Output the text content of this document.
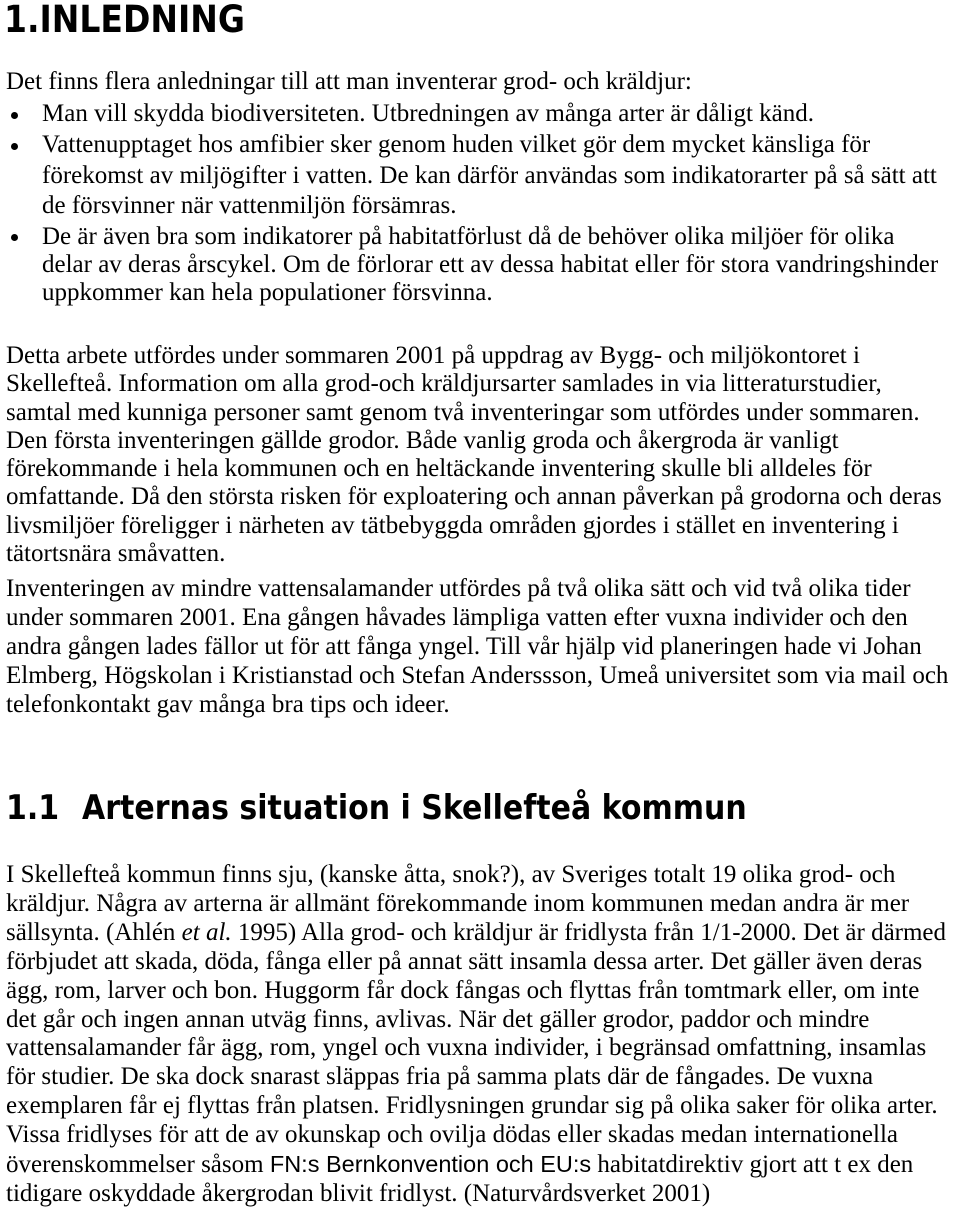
1.INLEDNING
Det finns flera anledningar till att man inventerar grod- och kräldjur:
Man vill skydda biodiversiteten. Utbredningen av många arter är dåligt känd.
Vattenupptaget hos amfibier sker genom huden vilket gör dem mycket känsliga för
förekomst av miljögifter i vatten. De kan därför användas som indikatorarter på så sätt att
de försvinner när vattenmiljön försämras.
De är även bra som indikatorer på habitatförlust då de behöver olika miljöer för olika
delar av deras årscykel. Om de förlorar ett av dessa habitat eller för stora vandringshinder
uppkommer kan hela populationer försvinna.
Detta arbete utfördes under sommaren 2001 på uppdrag av Bygg- och miljökontoret i
Skellefteå. Information om alla grod-och kräldjursarter samlades in via litteraturstudier,
samtal med kunniga personer samt genom två inventeringar som utfördes under sommaren.
Den första inventeringen gällde grodor. Både vanlig groda och åkergroda är vanligt
förekommande i hela kommunen och en heltäckande inventering skulle bli alldeles för
omfattande. Då den största risken för exploatering och annan påverkan på grodorna och deras
livsmiljöer föreligger i närheten av tätbebyggda områden gjordes i stället en inventering i
tätortsnära småvatten.
Inventeringen av mindre vattensalamander utfördes på två olika sätt och vid två olika tider
under sommaren 2001. Ena gången håvades lämpliga vatten efter vuxna individer och den
andra gången lades fällor ut för att fånga yngel. Till vår hjälp vid planeringen hade vi Johan
Elmberg, Högskolan i Kristianstad och Stefan Anderssson, Umeå universitet som via mail och
telefonkontakt gav många bra tips och ideer.
1.1 Arternas situation i Skellefteå kommun
I Skellefteå kommun finns sju, (kanske åtta, snok?), av Sveriges totalt 19 olika grod- och
kräldjur. Några av arterna är allmänt förekommande inom kommunen medan andra är mer
sällsynta. (Ahlén et al. 1995) Alla grod- och kräldjur är fridlysta från 1/1-2000. Det är därmed
förbjudet att skada, döda, fånga eller på annat sätt insamla dessa arter. Det gäller även deras
ägg, rom, larver och bon. Huggorm får dock fångas och flyttas från tomtmark eller, om inte
det går och ingen annan utväg finns, avlivas. När det gäller grodor, paddor och mindre
vattensalamander får ägg, rom, yngel och vuxna individer, i begränsad omfattning, insamlas
för studier. De ska dock snarast släppas fria på samma plats där de fångades. De vuxna
exemplaren får ej flyttas från platsen. Fridlysningen grundar sig på olika saker för olika arter.
Vissa fridlyses för att de av okunskap och ovilja dödas eller skadas medan internationella
överenskommelser såsom FN:s Bernkonvention och EU:s habitatdirektiv gjort att t ex den
tidigare oskyddade åkergrodan blivit fridlyst. (Naturvårdsverket 2001)
